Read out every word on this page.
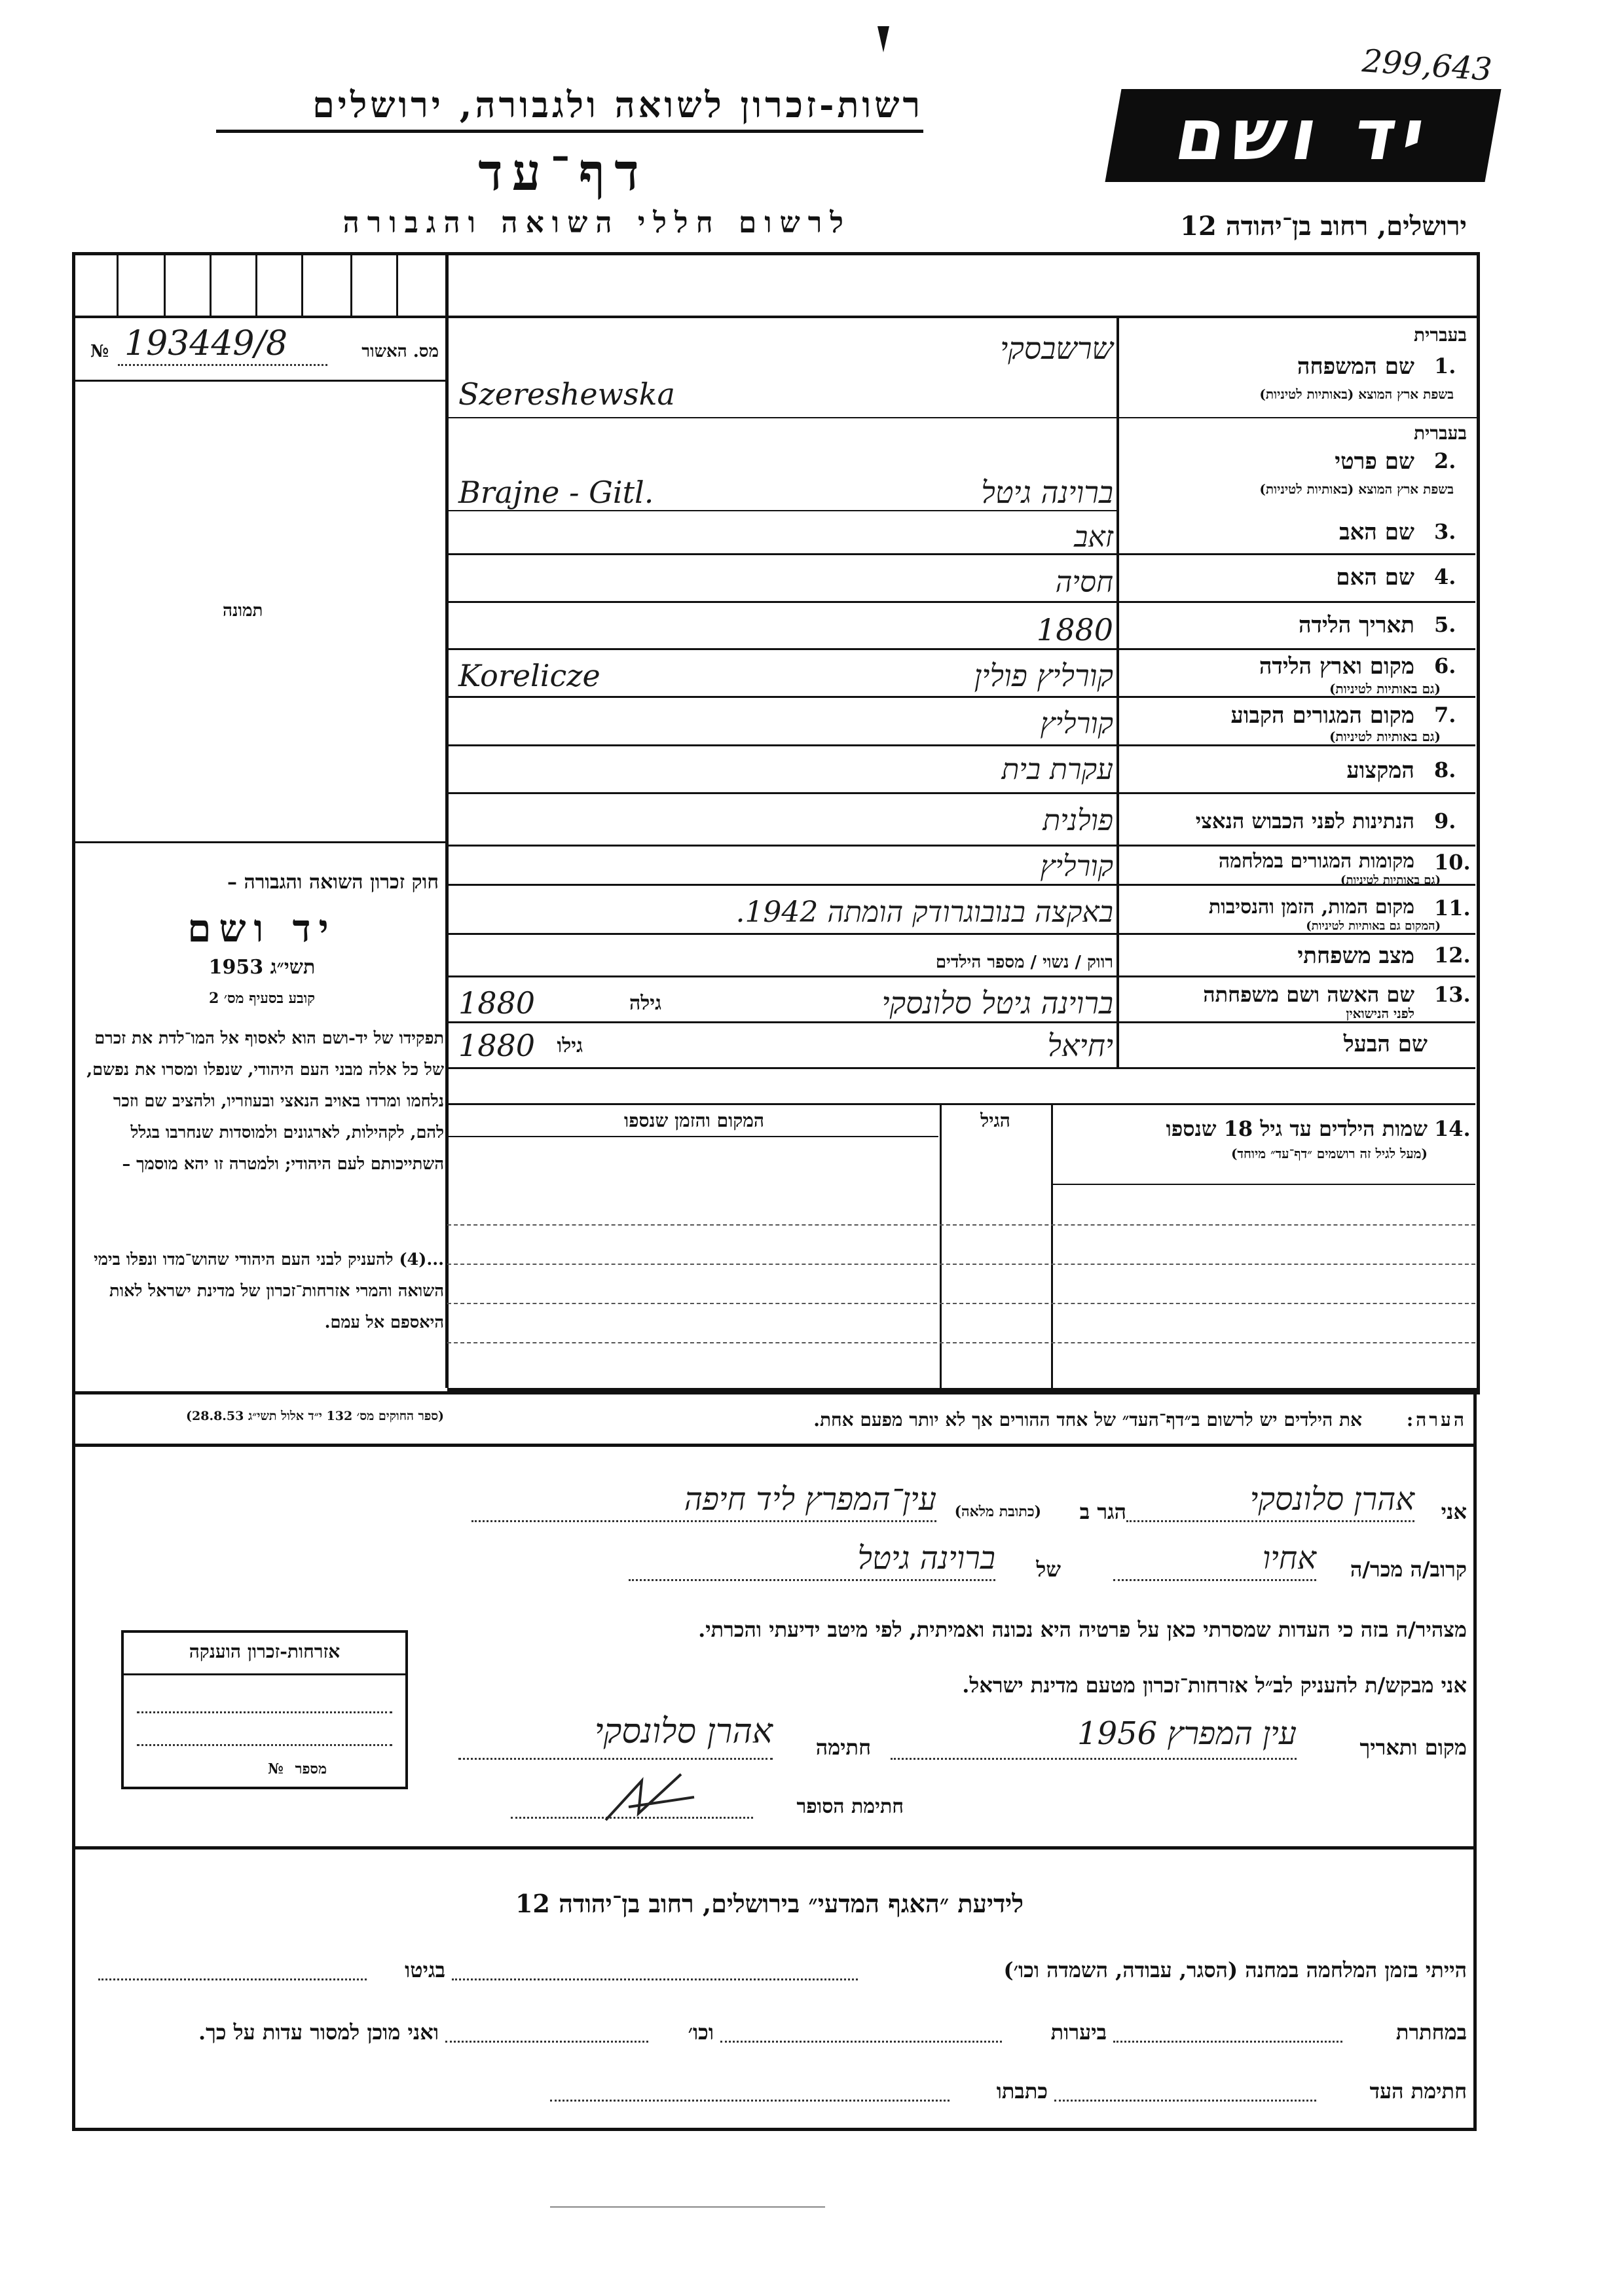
299,643
רשות-זכרון לשואה ולגבורה, ירושלים
דף־עד
לרשום חללי השואה והגבורה
יד ושם
ירושלים, רחוב בן־יהודה 12
№ 193449/8	מס. האשור
תמונה
חוק זכרון השואה והגבורה –
יד ושם
תשי״ג 1953
קובע בסעיף מס׳ 2
תפקידו של יד-ושם הוא לאסוף אל המו־לדת את זכרם של כל אלה מבני העם היהודי, שנפלו ומסרו את נפשם, נלחמו ומרדו באויב הנאצי ובעוזריו, ולהציב שם וזכר להם, לקהילות, לארגונים ולמוסדות שנחרבו בגלל השתייכותם לעם היהודי; ולמטרה זו יהא מוסמך –
...(4) להעניק לבני העם היהודי שהוש־מדו ונפלו בימי השואה והמרי אזרחות־זכרון של מדינת ישראל לאות היאספם אל עמם.
(ספר החוקים מס׳ 132 י״ד אלול תשי״ג 28.8.53)
בעברית
שם המשפחה 1.
בשפת ארץ המוצא (באותיות לטיניות)
שרשבסקי
Szereshewska
בעברית
שם פרטי 2.
בשפת ארץ המוצא (באותיות לטיניות)
ברוינה גיטל
Brajne - Gitl.
שם האב 3.
זאב
שם האם 4.
חסיה
תאריך הלידה 5.
1880
מקום וארץ הלידה 6.
(גם באותיות לטיניות)
קורליץ פולין
Korelicze
מקום המגורים הקבוע 7.
(גם באותיות לטיניות)
קורליץ
המקצוע 8.
עקרת בית
הנתינות לפני הכבוש הנאצי 9.
פולנית
מקומות המגורים במלחמה 10.
(גם באותיות לטיניות)
קורליץ
מקום המות, הזמן והנסיבות 11.
(המקום גם באותיות לטיניות)
באקצה בנובוגרודק הומתה 1942.
מצב משפחתי 12.
רווק / נשוי / מספר הילדים
שם האשה ושם משפחתה 13.
לפני הנישואין
ברוינה גיטל סלונסקי
גילה
1880
שם הבעל
יחיאל
גילו
1880
שמות הילדים עד גיל 18 שנספו 14.
(מעל לגיל זה רושמים ״דף־עד״ מיוחד)
הגיל
המקום והזמן שנספו
הערה:
את הילדים יש לרשום ב״דף־העד״ של אחד ההורים אך לא יותר מפעם אחת.
אני
אהרן סלונסקי
הגר ב
(כתובת מלאה)
עין־המפרץ ליד חיפה
קרוב/ה מכר/ה
אחיו
של
ברוינה גיטל
מצהיר/ה בזה כי העדות שמסרתי כאן על פרטיה היא נכונה ואמיתית, לפי מיטב ידיעתי והכרתי.
אני מבקש/ת להעניק לב״ל אזרחות־זכרון מטעם מדינת ישראל.
מקום ותאריך
עין המפרץ 1956
חתימה
אהרן סלונסקי
חתימת הסופר
אזרחות-זכרון הוענקה
מספר
№
לידיעת ״האגף המדעי״ בירושלים, רחוב בן־יהודה 12
הייתי בזמן המלחמה במחנה (הסגר, עבודה, השמדה וכו׳)
בגיטו
במחתרת
ביערות
וכו׳
ואני מוכן למסור עדות על כך.
חתימת העד
כתבתו
